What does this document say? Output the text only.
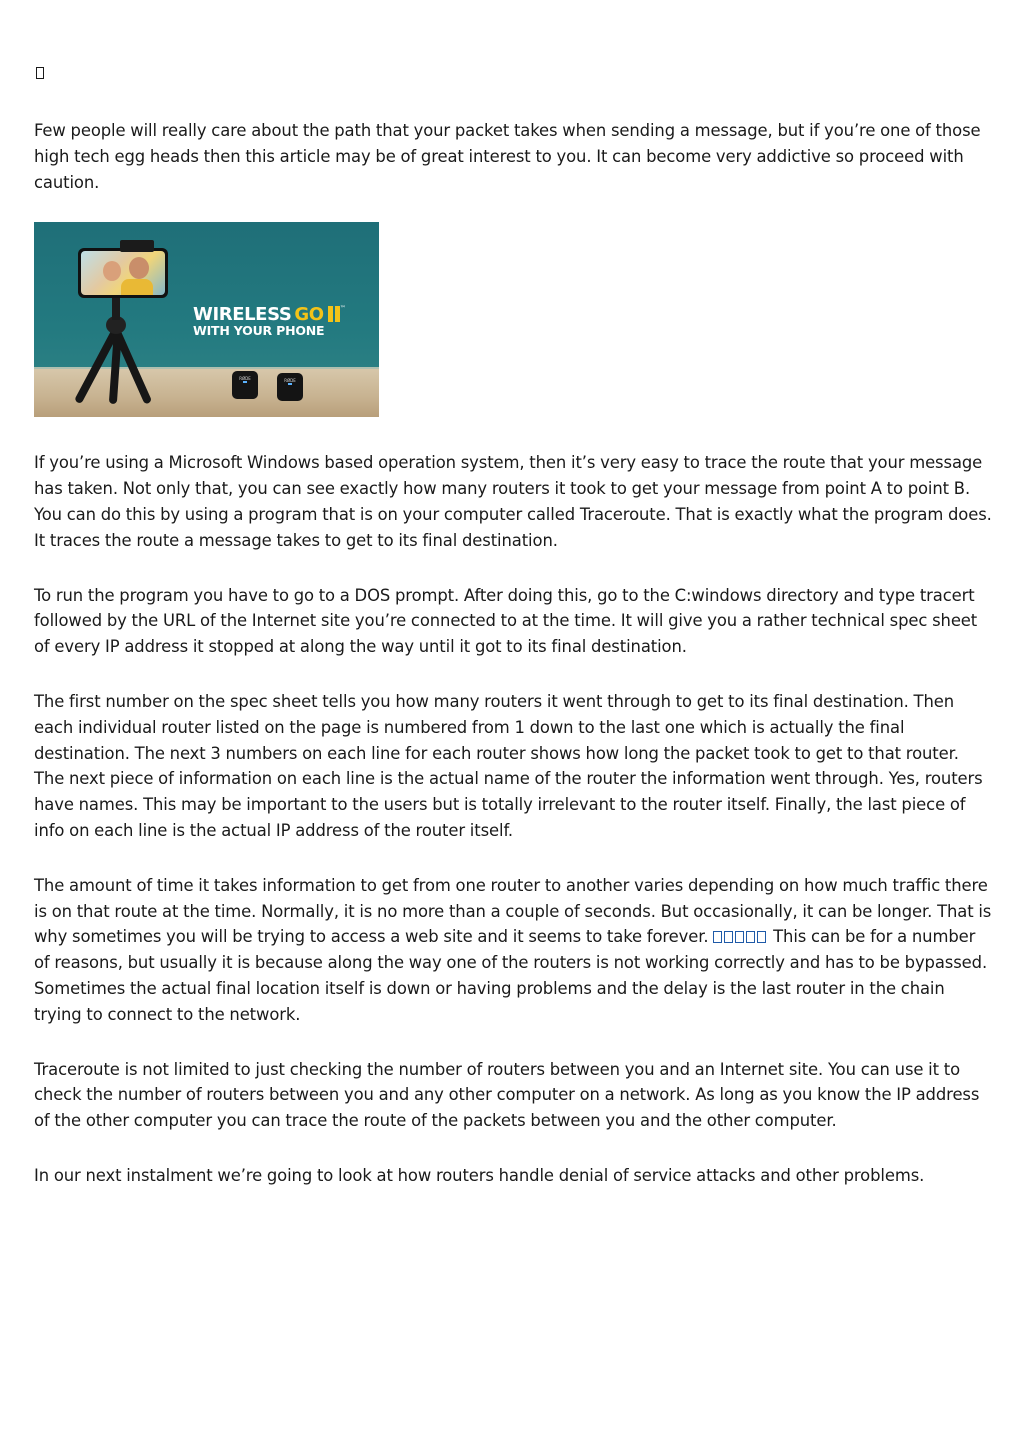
Few people will really care about the path that your packet takes when sending a message, but if you’re one of those high tech egg heads then this article may be of great interest to you. It can become very addictive so proceed with caution.

WIRELESS GO	™
WITH YOUR PHONE
RØDE	RØDE

If you’re using a Microsoft Windows based operation system, then it’s very easy to trace the route that your message has taken. Not only that, you can see exactly how many routers it took to get your message from point A to point B. You can do this by using a program that is on your computer called Traceroute. That is exactly what the program does. It traces the route a message takes to get to its final destination.

To run the program you have to go to a DOS prompt. After doing this, go to the C:windows directory and type tracert followed by the URL of the Internet site you’re connected to at the time. It will give you a rather technical spec sheet of every IP address it stopped at along the way until it got to its final destination.

The first number on the spec sheet tells you how many routers it went through to get to its final destination. Then each individual router listed on the page is numbered from 1 down to the last one which is actually the final destination. The next 3 numbers on each line for each router shows how long the packet took to get to that router. The next piece of information on each line is the actual name of the router the information went through. Yes, routers have names. This may be important to the users but is totally irrelevant to the router itself. Finally, the last piece of info on each line is the actual IP address of the router itself.

The amount of time it takes information to get from one router to another varies depending on how much traffic there is on that route at the time. Normally, it is no more than a couple of seconds. But occasionally, it can be longer. That is why sometimes you will be trying to access a web site and it seems to take forever.	This can be for a number of reasons, but usually it is because along the way one of the routers is not working correctly and has to be bypassed. Sometimes the actual final location itself is down or having problems and the delay is the last router in the chain trying to connect to the network.

Traceroute is not limited to just checking the number of routers between you and an Internet site. You can use it to check the number of routers between you and any other computer on a network. As long as you know the IP address of the other computer you can trace the route of the packets between you and the other computer.

In our next instalment we’re going to look at how routers handle denial of service attacks and other problems.
